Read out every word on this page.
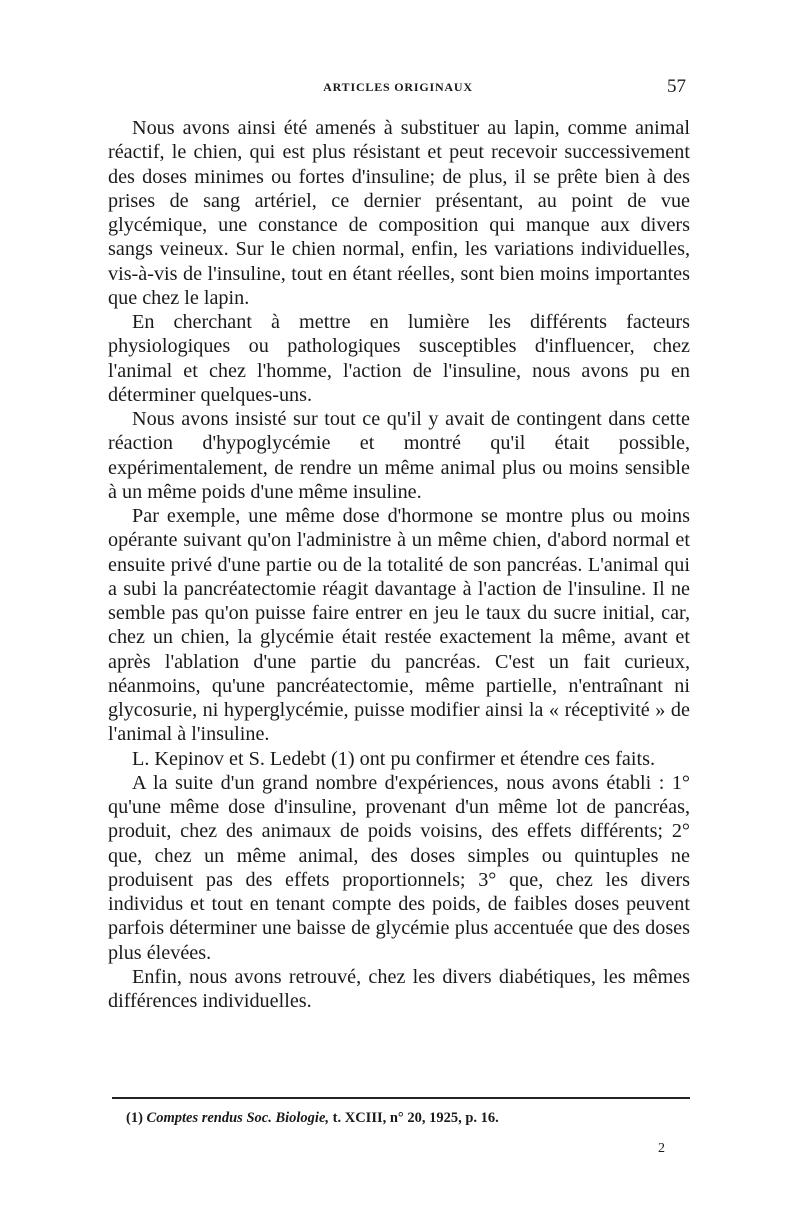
ARTICLES ORIGINAUX	57

Nous avons ainsi été amenés à substituer au lapin, comme animal réactif, le chien, qui est plus résistant et peut recevoir successivement des doses minimes ou fortes d'insuline; de plus, il se prête bien à des prises de sang artériel, ce dernier présentant, au point de vue glycémique, une constance de composition qui manque aux divers sangs veineux. Sur le chien normal, enfin, les variations individuelles, vis-à-vis de l'insuline, tout en étant réelles, sont bien moins importantes que chez le lapin.

En cherchant à mettre en lumière les différents facteurs physiologiques ou pathologiques susceptibles d'influencer, chez l'animal et chez l'homme, l'action de l'insuline, nous avons pu en déterminer quelques-uns.

Nous avons insisté sur tout ce qu'il y avait de contingent dans cette réaction d'hypoglycémie et montré qu'il était possible, expérimentalement, de rendre un même animal plus ou moins sensible à un même poids d'une même insuline.

Par exemple, une même dose d'hormone se montre plus ou moins opérante suivant qu'on l'administre à un même chien, d'abord normal et ensuite privé d'une partie ou de la totalité de son pancréas. L'animal qui a subi la pancréatectomie réagit davantage à l'action de l'insuline. Il ne semble pas qu'on puisse faire entrer en jeu le taux du sucre initial, car, chez un chien, la glycémie était restée exactement la même, avant et après l'ablation d'une partie du pancréas. C'est un fait curieux, néanmoins, qu'une pancréatectomie, même partielle, n'entraînant ni glycosurie, ni hyperglycémie, puisse modifier ainsi la « réceptivité » de l'animal à l'insuline.

L. Kepinov et S. Ledebt (1) ont pu confirmer et étendre ces faits.

A la suite d'un grand nombre d'expériences, nous avons établi : 1° qu'une même dose d'insuline, provenant d'un même lot de pancréas, produit, chez des animaux de poids voisins, des effets différents; 2° que, chez un même animal, des doses simples ou quintuples ne produisent pas des effets proportionnels; 3° que, chez les divers individus et tout en tenant compte des poids, de faibles doses peuvent parfois déterminer une baisse de glycémie plus accentuée que des doses plus élevées.

Enfin, nous avons retrouvé, chez les divers diabétiques, les mêmes différences individuelles.

(1) Comptes rendus Soc. Biologie, t. XCIII, n° 20, 1925, p. 16.
2
